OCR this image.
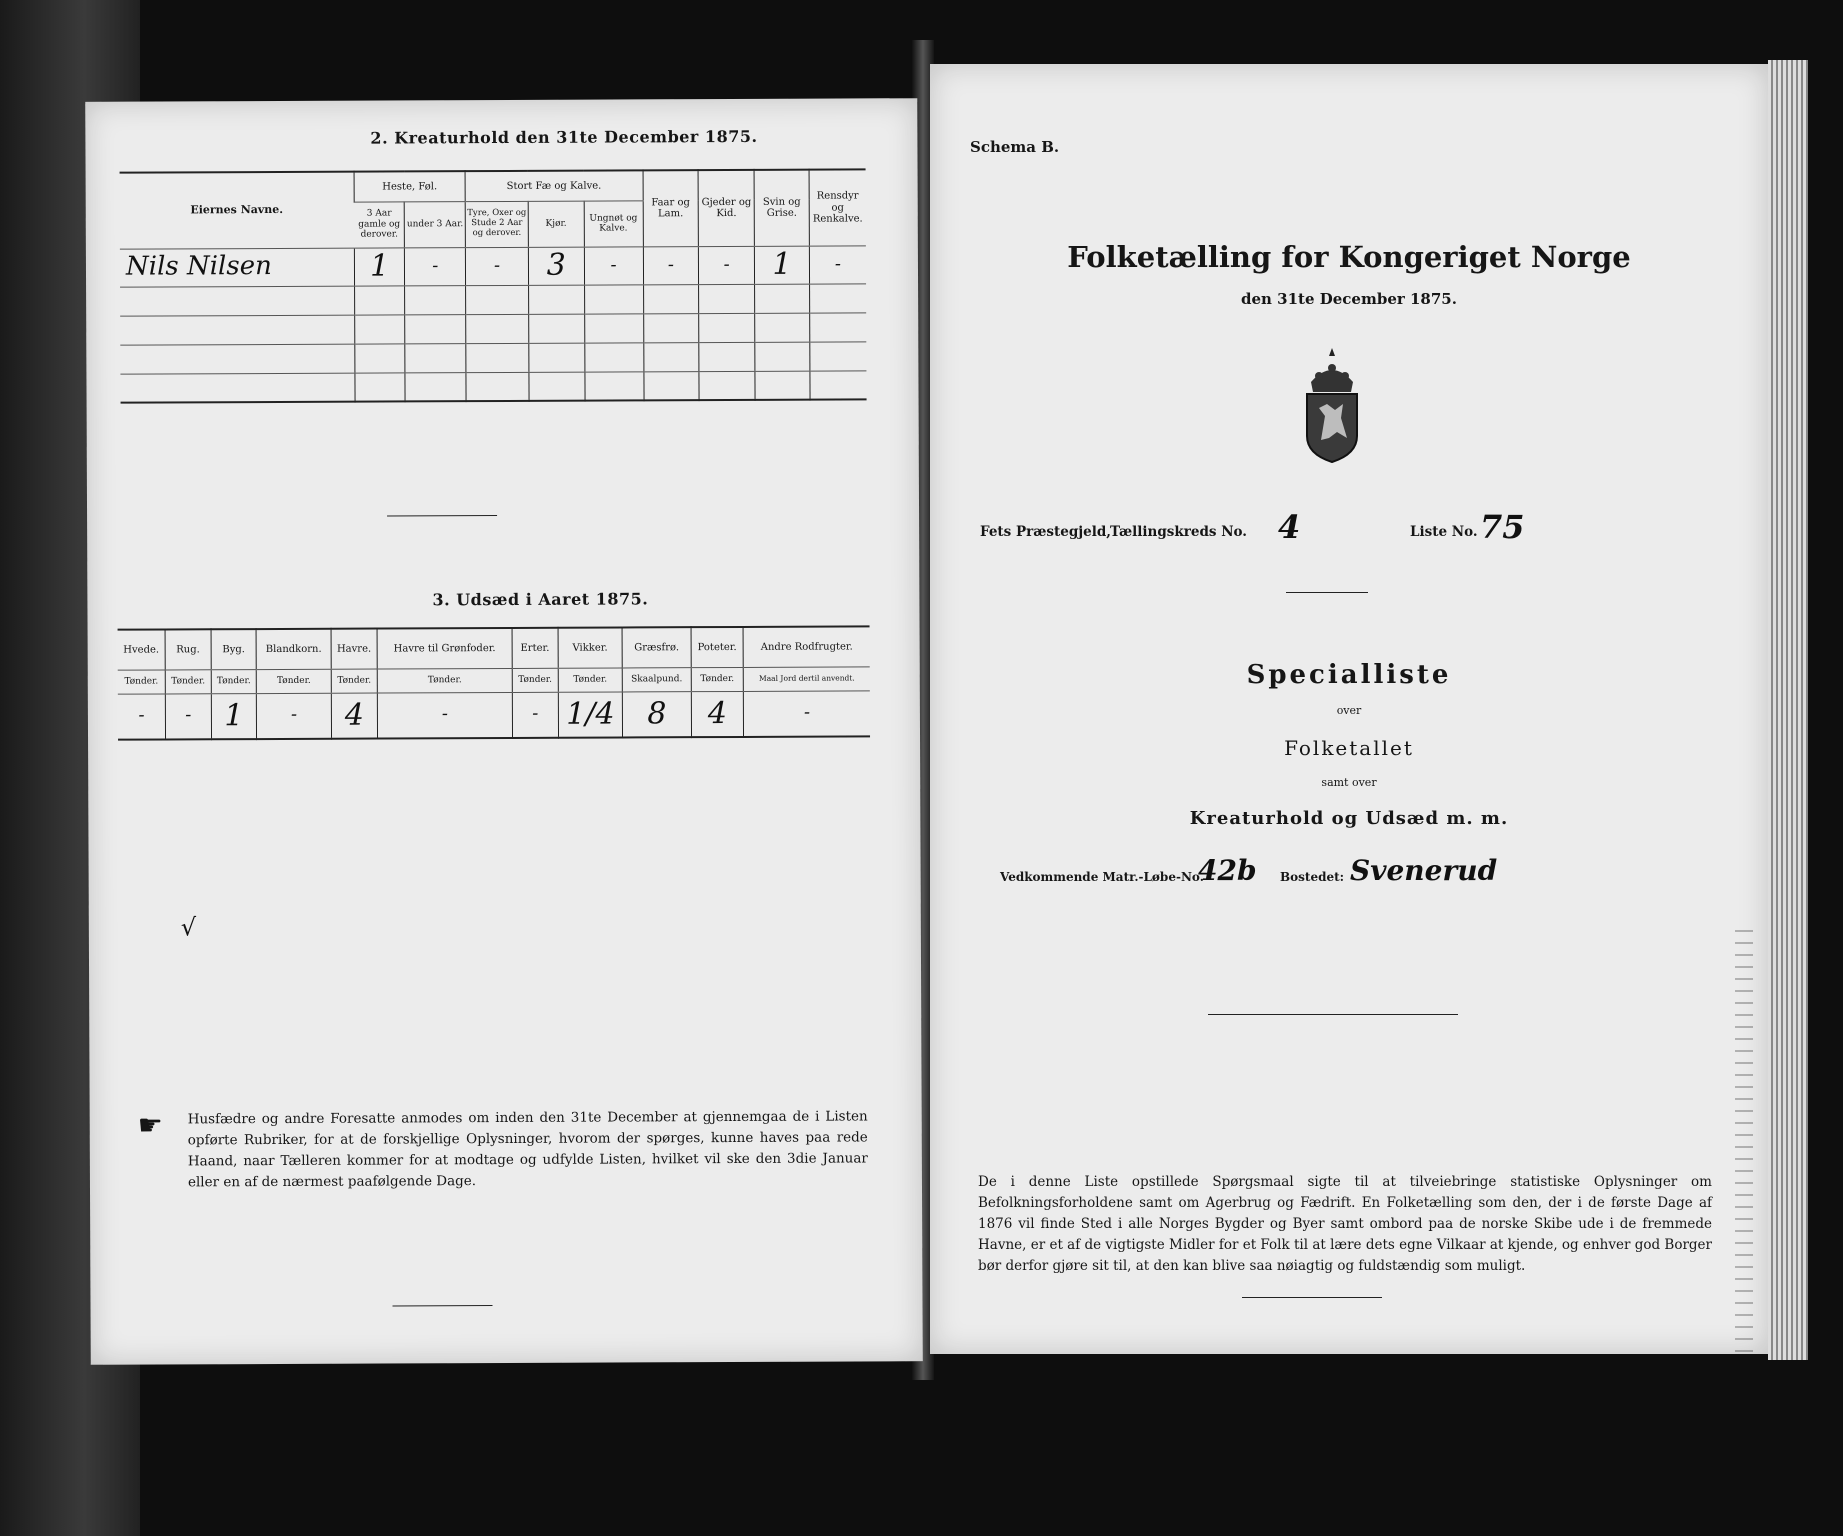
2. Kreaturhold den 31te December 1875.
Eiernes Navne.	Heste, Føl.		Stort Fæ og Kalve.			Faar og Lam.	Gjeder og Kid.	Svin og Grise.	Rensdyr og Renkalve.
	3 Aar gamle og derover.	under 3 Aar.	Tyre, Oxer og Stude 2 Aar og derover.	Kjør.	Ungnøt og Kalve.				
Nils Nilsen	1	-	-	3	-	-	-	1	-

3. Udsæd i Aaret 1875.
Hvede.	Rug.	Byg.	Blandkorn.	Havre.	Havre til Grønfoder.	Erter.	Vikker.	Græsfrø.	Poteter.	Andre Rodfrugter.
Tønder.	Tønder.	Tønder.	Tønder.	Tønder.	Tønder.	Tønder.	Tønder.	Skaalpund.	Tønder.	Maal Jord dertil anvendt.
-	-	1	-	4	-	-	1/4	8	4	-
√
☛ Husfædre og andre Foresatte anmodes om inden den 31te December at gjennemgaa de i Listen opførte Rubriker, for at de forskjellige Oplysninger, hvorom der spørges, kunne haves paa rede Haand, naar Tælleren kommer for at modtage og udfylde Listen, hvilket vil ske den 3die Januar eller en af de nærmest paafølgende Dage.
Schema B.
Folketælling for Kongeriget Norge
den 31te December 1875.
Fets Præstegjeld,
Tællingskreds No. 4	Liste No. 75
Specialliste
over
Folketallet
samt over
Kreaturhold og Udsæd m. m.
Vedkommende Matr.-Løbe-No.
42b Bostedet: Svenerud
De i denne Liste opstillede Spørgsmaal sigte til at tilveiebringe statistiske Oplysninger om Befolkningsforholdene samt om Agerbrug og Fædrift. En Folketælling som den, der i de første Dage af 1876 vil finde Sted i alle Norges Bygder og Byer samt ombord paa de norske Skibe ude i de fremmede Havne, er et af de vigtigste Midler for et Folk til at lære dets egne Vilkaar at kjende, og enhver god Borger bør derfor gjøre sit til, at den kan blive saa nøiagtig og fuldstændig som muligt.
